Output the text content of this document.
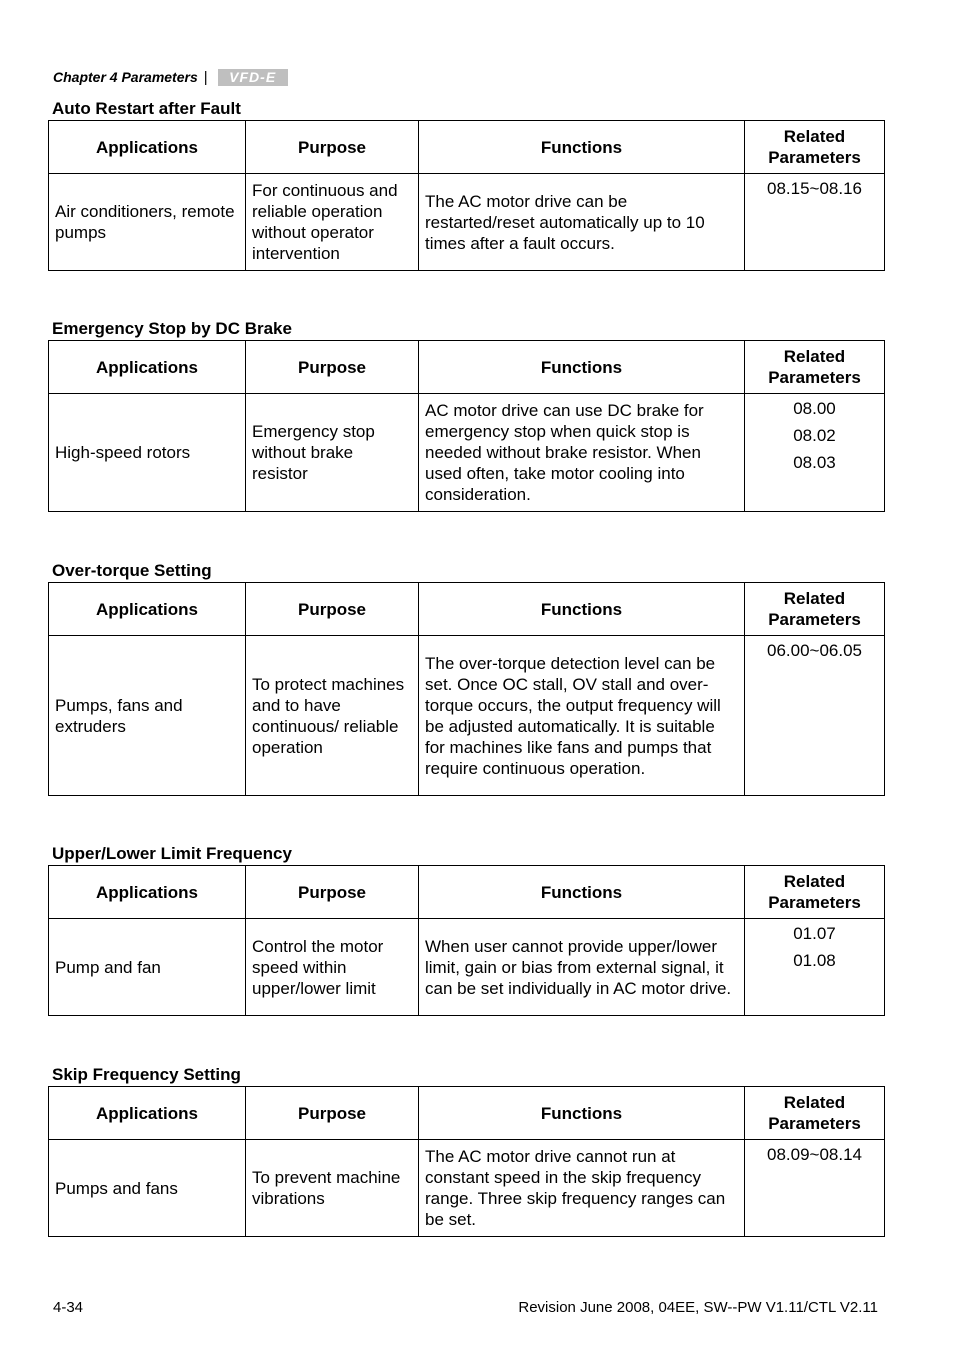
Chapter 4 Parameters |	VFD-E
Auto Restart after Fault
Applications	Purpose	Functions	Related
Parameters
Air conditioners, remote pumps	For continuous and reliable operation without operator intervention	The AC motor drive can be restarted/reset automatically up to 10 times after a fault occurs.	08.15~08.16
Emergency Stop by DC Brake
Applications	Purpose	Functions	Related
Parameters
High-speed rotors	Emergency stop without brake resistor	AC motor drive can use DC brake for emergency stop when quick stop is needed without brake resistor. When used often, take motor cooling into consideration.	08.00
08.02
08.03
Over-torque Setting
Applications	Purpose	Functions	Related
Parameters
Pumps, fans and extruders	To protect machines and to have continuous/ reliable operation	The over-torque detection level can be set. Once OC stall, OV stall and over-torque occurs, the output frequency will be adjusted automatically. It is suitable for machines like fans and pumps that require continuous operation.	06.00~06.05
Upper/Lower Limit Frequency
Applications	Purpose	Functions	Related
Parameters
Pump and fan	Control the motor speed within upper/lower limit	When user cannot provide upper/lower limit, gain or bias from external signal, it can be set individually in AC motor drive.	01.07
01.08
Skip Frequency Setting
Applications	Purpose	Functions	Related
Parameters
Pumps and fans	To prevent machine vibrations	The AC motor drive cannot run at constant speed in the skip frequency range. Three skip frequency ranges can be set.	08.09~08.14
4-34	Revision June 2008, 04EE, SW--PW V1.11/CTL V2.11
